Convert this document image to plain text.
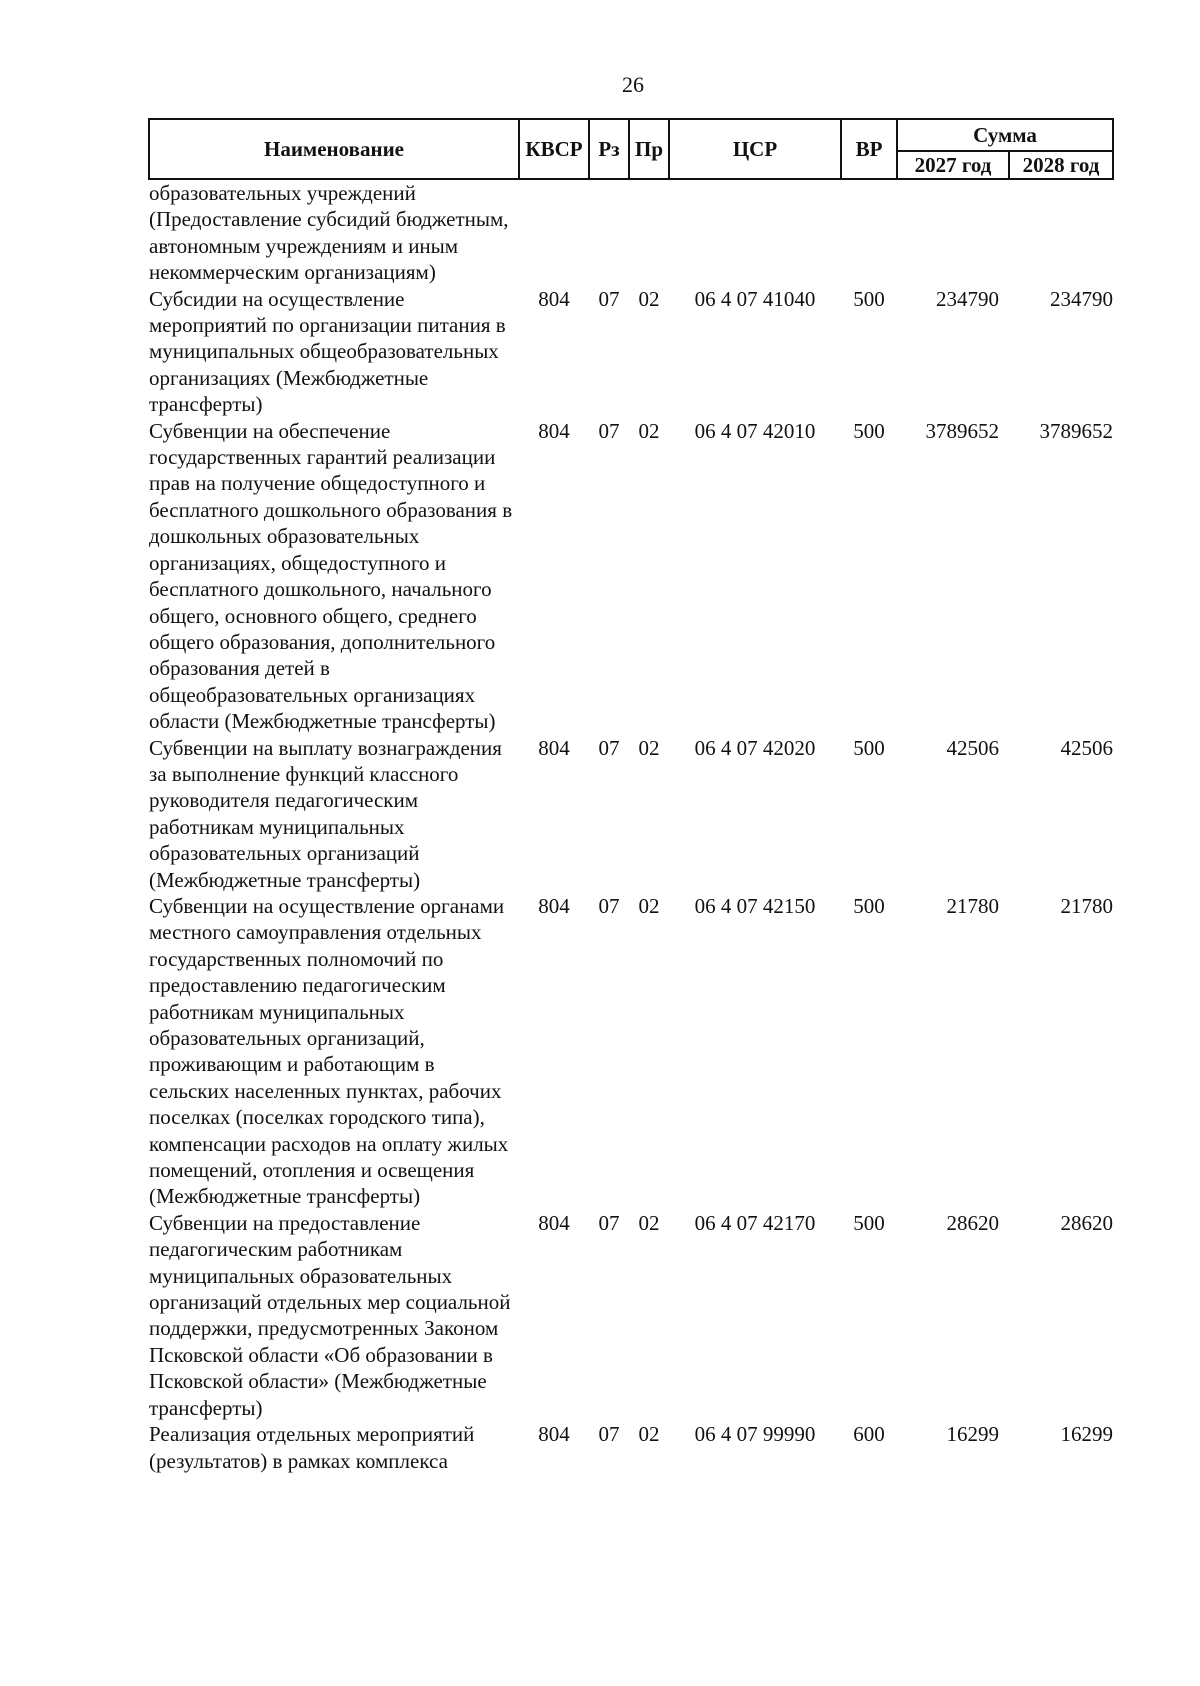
26
Наименование	КВСР	Рз	Пр	ЦСР	ВР	Сумма	
						2027 год	2028 год
образовательных учреждений (Предоставление субсидий бюджетным, автономным учреждениям и иным некоммерческим организациям)							
Субсидии на осуществление мероприятий по организации питания в муниципальных общеобразовательных организациях (Межбюджетные трансферты)	804	07	02	06 4 07 41040	500	234790	234790
Субвенции на обеспечение государственных гарантий реализации прав на получение общедоступного и бесплатного дошкольного образования в дошкольных образовательных организациях, общедоступного и бесплатного дошкольного, начального общего, основного общего, среднего общего образования, дополнительного образования детей в общеобразовательных организациях области (Межбюджетные трансферты)	804	07	02	06 4 07 42010	500	3789652	3789652
Субвенции на выплату вознаграждения за выполнение функций классного руководителя педагогическим работникам муниципальных образовательных организаций (Межбюджетные трансферты)	804	07	02	06 4 07 42020	500	42506	42506
Субвенции на осуществление органами местного самоуправления отдельных государственных полномочий по предоставлению педагогическим работникам муниципальных образовательных организаций, проживающим и работающим в сельских населенных пунктах, рабочих поселках (поселках городского типа), компенсации расходов на оплату жилых помещений, отопления и освещения (Межбюджетные трансферты)	804	07	02	06 4 07 42150	500	21780	21780
Субвенции на предоставление педагогическим работникам муниципальных образовательных организаций отдельных мер социальной поддержки, предусмотренных Законом Псковской области «Об образовании в Псковской области» (Межбюджетные трансферты)	804	07	02	06 4 07 42170	500	28620	28620
Реализация отдельных мероприятий (результатов) в рамках комплекса	804	07	02	06 4 07 99990	600	16299	16299
